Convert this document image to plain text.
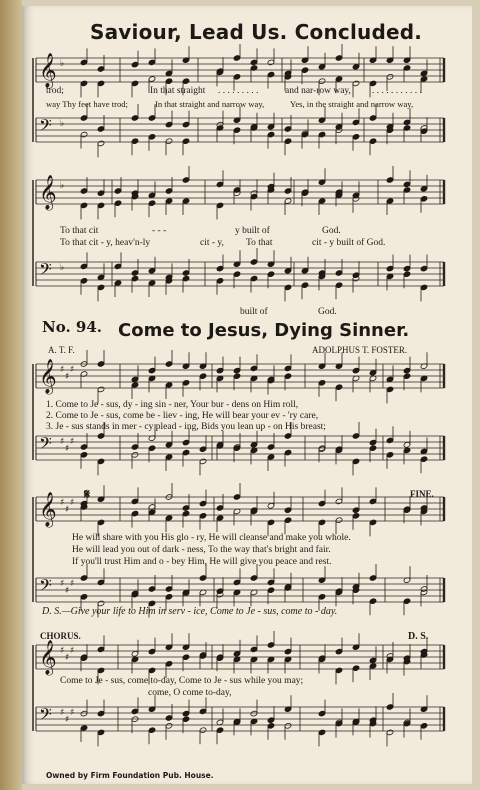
𝄞 ♭
𝄢 ♭
𝄞 ♭
𝄢 ♭
𝄞 ♯
♯
♯
𝄢 ♯
♯
♯
𝄞 ♯
♯
♯
𝄢 ♯
♯
♯
𝄞 ♯
♯
♯
𝄢 ♯
♯
♯
Saviour, Lead Us. Concluded.
trod;	In that straight . . . . . . . . .	and nar-row way, . . . . . . . . . . .
way Thy feet have trod;	In that straight and narrow way,	Yes, in the straight and narrow way,
To that cit	- - -	y built of	God.
To that cit - y, heav'n-ly	cit - y, To that	cit - y built of God.
built of	God.
No. 94. Come to Jesus, Dying Sinner.
A. T. F.	ADOLPHUS T. FOSTER.
1. Come to Je - sus, dy - ing sin - ner, Your bur - dens on Him roll,
2. Come to Je - sus, come be - liev - ing, He will bear your ev - 'ry care,
3. Je - sus stands in mer - cy plead - ing, Bids you lean up - on His breast;
𝄋	FINE.
He will share with you His glo - ry, He will cleanse and make you whole.
He will lead you out of dark - ness, To the way that's bright and fair.
If you'll trust Him and o - bey Him, He will give you peace and rest.
D. S.—Give your life to Him in serv - ice, Come to Je - sus, come to - day.
CHORUS.	D. S.
Come to Je - sus, come to-day, Come to Je - sus while you may;
come, O come to-day,
Owned by Firm Foundation Pub. House.
